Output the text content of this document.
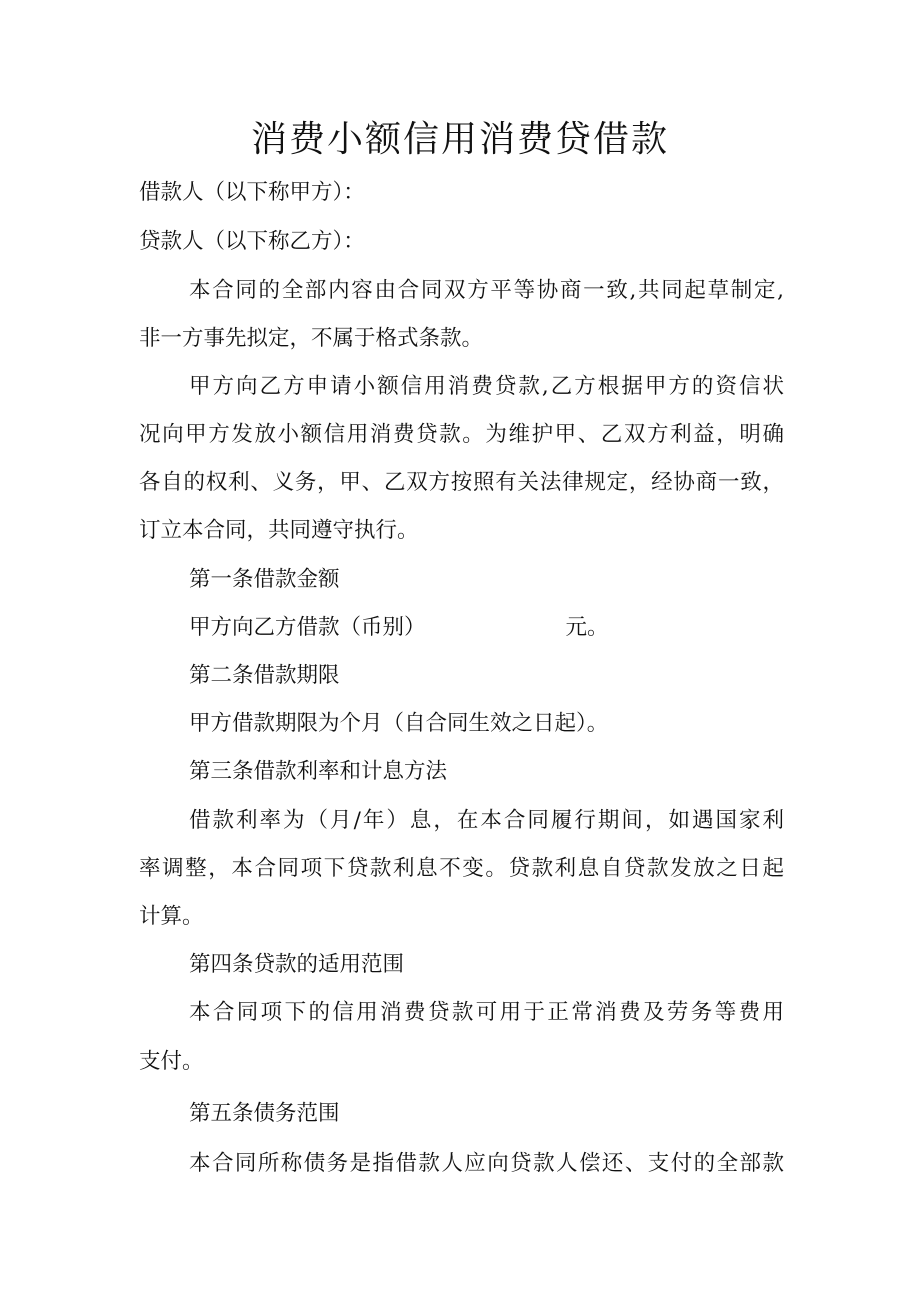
消费小额信用消费贷借款

借款人（以下称甲方）：

贷款人（以下称乙方）：

本合同的全部内容由合同双方平等协商一致,共同起草制定,

非一方事先拟定，不属于格式条款。

甲方向乙方申请小额信用消费贷款,乙方根据甲方的资信状

况向甲方发放小额信用消费贷款。为维护甲、乙双方利益，明确

各自的权利、义务，甲、乙双方按照有关法律规定，经协商一致，

订立本合同，共同遵守执行。

第一条借款金额

甲方向乙方借款（币别）	元。

第二条借款期限

甲方借款期限为个月（自合同生效之日起）。

第三条借款利率和计息方法

借款利率为（月/年）息，在本合同履行期间，如遇国家利

率调整，本合同项下贷款利息不变。贷款利息自贷款发放之日起

计算。

第四条贷款的适用范围

本合同项下的信用消费贷款可用于正常消费及劳务等费用

支付。

第五条债务范围

本合同所称债务是指借款人应向贷款人偿还、支付的全部款
